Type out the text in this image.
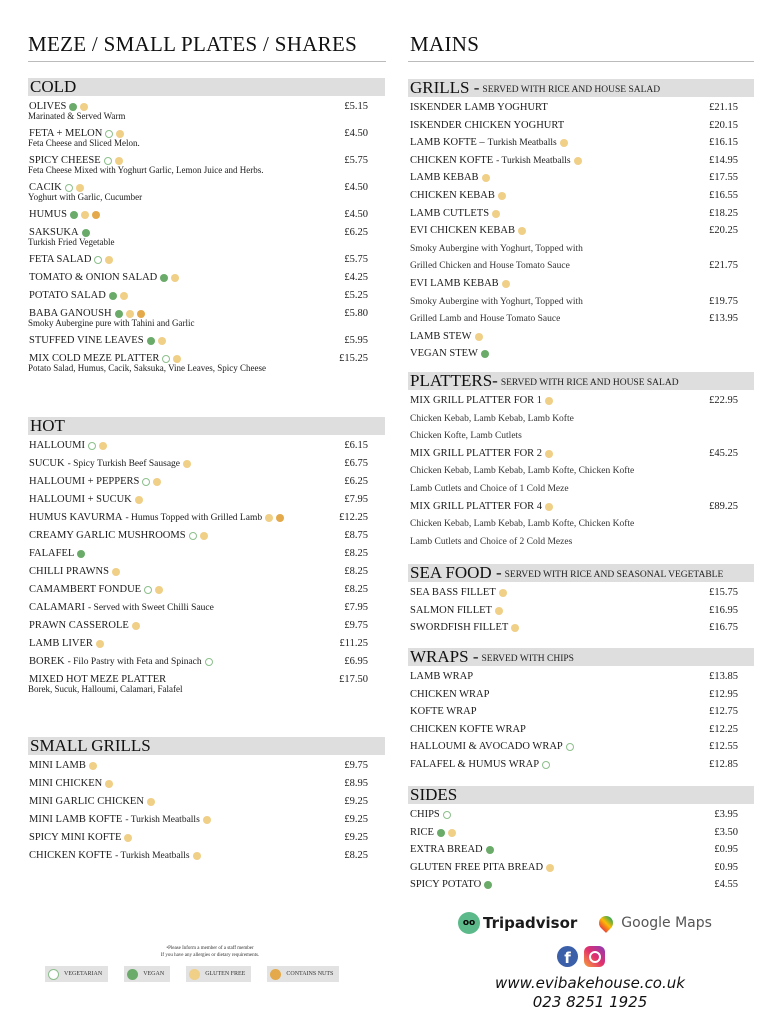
MEZE / SMALL PLATES / SHARES	MAINS
COLD
OLIVES	£5.15
Marinated & Served Warm
FETA + MELON	£4.50
Feta Cheese and Sliced Melon.
SPICY CHEESE	£5.75
Feta Cheese Mixed with Yoghurt Garlic, Lemon Juice and Herbs.
CACIK	£4.50
Yoghurt with Garlic, Cucumber
HUMUS	£4.50
SAKSUKA	£6.25
Turkish Fried Vegetable
FETA SALAD	£5.75
TOMATO & ONION SALAD	£4.25
POTATO SALAD	£5.25
BABA GANOUSH	£5.80
Smoky Aubergine pure with Tahini and Garlic
STUFFED VINE LEAVES	£5.95
MIX COLD MEZE PLATTER	£15.25
Potato Salad, Humus, Cacik, Saksuka, Vine Leaves, Spicy Cheese
HOT
HALLOUMI	£6.15
SUCUK - Spicy Turkish Beef Sausage	£6.75
HALLOUMI + PEPPERS	£6.25
HALLOUMI + SUCUK	£7.95
HUMUS KAVURMA - Humus Topped with Grilled Lamb	£12.25
CREAMY GARLIC MUSHROOMS	£8.75
FALAFEL	£8.25
CHILLI PRAWNS	£8.25
CAMAMBERT FONDUE	£8.25
CALAMARI - Served with Sweet Chilli Sauce	£7.95
PRAWN CASSEROLE	£9.75
LAMB LIVER	£11.25
BOREK - Filo Pastry with Feta and Spinach	£6.95
MIXED HOT MEZE PLATTER	£17.50
Borek, Sucuk, Halloumi, Calamari, Falafel
SMALL GRILLS
MINI LAMB	£9.75
MINI CHICKEN	£8.95
MINI GARLIC CHICKEN	£9.25
MINI LAMB KOFTE - Turkish Meatballs	£9.25
SPICY MINI KOFTE	£9.25
CHICKEN KOFTE - Turkish Meatballs	£8.25
GRILLS - SERVED WITH RICE AND HOUSE SALAD
ISKENDER LAMB YOGHURT	£21.15
ISKENDER CHICKEN YOGHURT	£20.15
LAMB KOFTE – Turkish Meatballs	£16.15
CHICKEN KOFTE - Turkish Meatballs	£14.95
LAMB KEBAB	£17.55
CHICKEN KEBAB	£16.55
LAMB CUTLETS	£18.25
EVI CHICKEN KEBAB	£20.25
Smoky Aubergine with Yoghurt, Topped with
Grilled Chicken and House Tomato Sauce	£21.75
EVI LAMB KEBAB
Smoky Aubergine with Yoghurt, Topped with	£19.75
Grilled Lamb and House Tomato Sauce	£13.95
LAMB STEW
VEGAN STEW
PLATTERS- SERVED WITH RICE AND HOUSE SALAD
MIX GRILL PLATTER FOR 1	£22.95
Chicken Kebab, Lamb Kebab, Lamb Kofte
Chicken Kofte, Lamb Cutlets
MIX GRILL PLATTER FOR 2	£45.25
Chicken Kebab, Lamb Kebab, Lamb Kofte, Chicken Kofte
Lamb Cutlets and Choice of 1 Cold Meze
MIX GRILL PLATTER FOR 4	£89.25
Chicken Kebab, Lamb Kebab, Lamb Kofte, Chicken Kofte
Lamb Cutlets and Choice of 2 Cold Mezes
SEA FOOD - SERVED WITH RICE AND SEASONAL VEGETABLE
SEA BASS FILLET	£15.75
SALMON FILLET	£16.95
SWORDFISH FILLET	£16.75
WRAPS - SERVED WITH CHIPS
LAMB WRAP	£13.85
CHICKEN WRAP	£12.95
KOFTE WRAP	£12.75
CHICKEN KOFTE WRAP	£12.25
HALLOUMI & AVOCADO WRAP	£12.55
FALAFEL & HUMUS WRAP	£12.85
SIDES
CHIPS	£3.95
RICE	£3.50
EXTRA BREAD	£0.95
GLUTEN FREE PITA BREAD	£0.95
SPICY POTATO	£4.55
•Please Inform a member of a staff member
If you have any allergies or dietary requirements.
VEGETARIAN	VEGAN	GLUTEN FREE	CONTAINS NUTS
oo Tripadvisor	Google Maps
f
www.evibakehouse.co.uk
023 8251 1925
